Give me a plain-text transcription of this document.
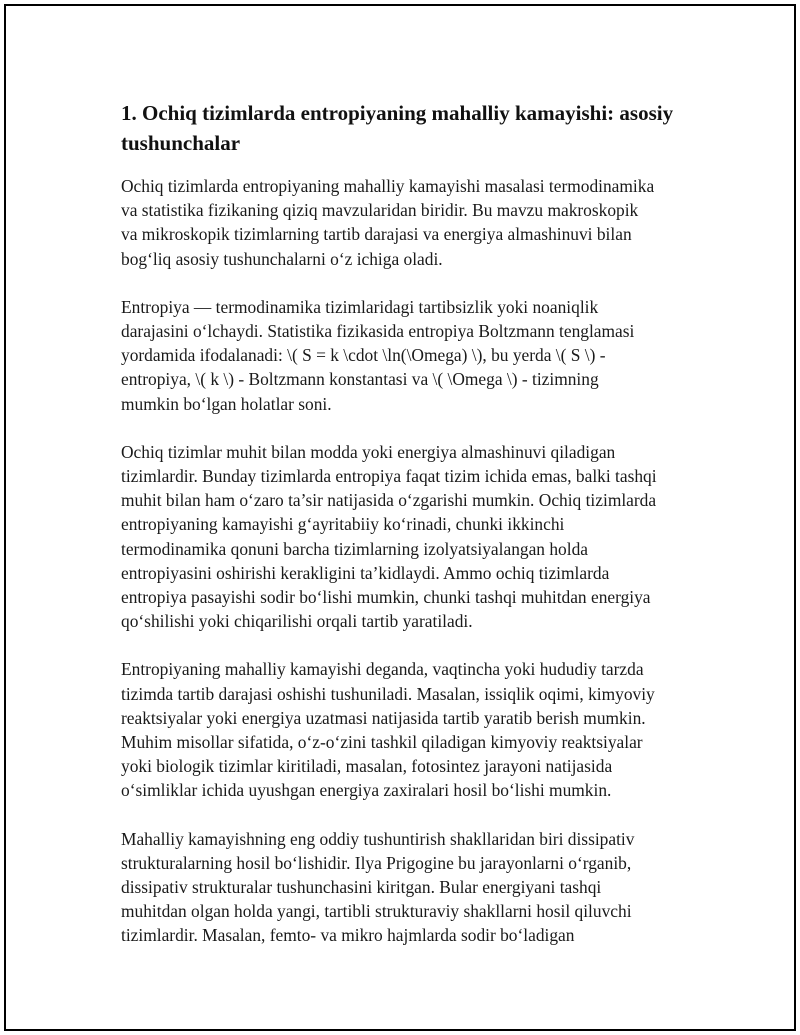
1. Ochiq tizimlarda entropiyaning mahalliy kamayishi: asosiy
tushunchalar

Ochiq tizimlarda entropiyaning mahalliy kamayishi masalasi termodinamika
va statistika fizikaning qiziq mavzularidan biridir. Bu mavzu makroskopik
va mikroskopik tizimlarning tartib darajasi va energiya almashinuvi bilan
bog‘liq asosiy tushunchalarni o‘z ichiga oladi.

Entropiya — termodinamika tizimlaridagi tartibsizlik yoki noaniqlik
darajasini o‘lchaydi. Statistika fizikasida entropiya Boltzmann tenglamasi
yordamida ifodalanadi: \( S = k \cdot \ln(\Omega) \), bu yerda \( S \) -
entropiya, \( k \) - Boltzmann konstantasi va \( \Omega \) - tizimning
mumkin bo‘lgan holatlar soni.

Ochiq tizimlar muhit bilan modda yoki energiya almashinuvi qiladigan
tizimlardir. Bunday tizimlarda entropiya faqat tizim ichida emas, balki tashqi
muhit bilan ham o‘zaro ta’sir natijasida o‘zgarishi mumkin. Ochiq tizimlarda
entropiyaning kamayishi g‘ayritabiiy ko‘rinadi, chunki ikkinchi
termodinamika qonuni barcha tizimlarning izolyatsiyalangan holda
entropiyasini oshirishi kerakligini ta’kidlaydi. Ammo ochiq tizimlarda
entropiya pasayishi sodir bo‘lishi mumkin, chunki tashqi muhitdan energiya
qo‘shilishi yoki chiqarilishi orqali tartib yaratiladi.

Entropiyaning mahalliy kamayishi deganda, vaqtincha yoki hududiy tarzda
tizimda tartib darajasi oshishi tushuniladi. Masalan, issiqlik oqimi, kimyoviy
reaktsiyalar yoki energiya uzatmasi natijasida tartib yaratib berish mumkin.
Muhim misollar sifatida, o‘z-o‘zini tashkil qiladigan kimyoviy reaktsiyalar
yoki biologik tizimlar kiritiladi, masalan, fotosintez jarayoni natijasida
o‘simliklar ichida uyushgan energiya zaxiralari hosil bo‘lishi mumkin.

Mahalliy kamayishning eng oddiy tushuntirish shakllaridan biri dissipativ
strukturalarning hosil bo‘lishidir. Ilya Prigogine bu jarayonlarni o‘rganib,
dissipativ strukturalar tushunchasini kiritgan. Bular energiyani tashqi
muhitdan olgan holda yangi, tartibli strukturaviy shakllarni hosil qiluvchi
tizimlardir. Masalan, femto- va mikro hajmlarda sodir bo‘ladigan
